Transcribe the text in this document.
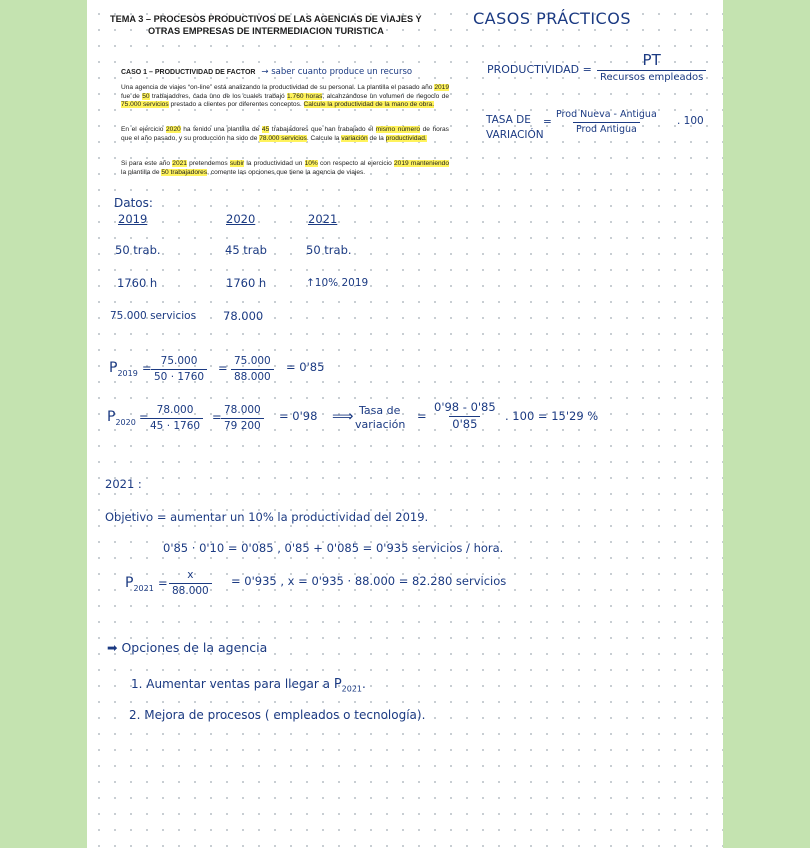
TEMA 3 – PROCESOS PRODUCTIVOS DE LAS AGENCIAS DE VIAJES Y
OTRAS EMPRESAS DE INTERMEDIACION TURISTICA
CASO 1 – PRODUCTIVIDAD DE FACTOR → saber cuanto produce un recurso
Una agencia de viajes “on-line” está analizando la productividad de su personal. La plantilla el pasado año 2019 fue de 50 trabajadores, cada uno de los cuales trabajó 1.760 horas, alcanzándose un volumen de negocio de 75.000 servicios prestado a clientes por diferentes conceptos. Calcule la productividad de la mano de obra.
En el ejercicio 2020 ha tenido una plantilla de 45 trabajadores que han trabajado el mismo número de horas que el año pasado, y su producción ha sido de 78.000 servicios. Calcule la variación de la productividad.
Si para este año 2021 pretendemos subir la productividad un 10% con respecto al ejercicio 2019 manteniendo la plantilla de 50 trabajadores, comente las opciones que tiene la agencia de viajes.
CASOS PRÁCTICOS
PRODUCTIVIDAD =
PT
Recursos empleados
TASA DE
VARIACIÓN
=
Prod Nueva - Antigua
Prod Antigua
. 100
Datos:
2019	2020	2021
50 trab.	45 trab	50 trab.
1760 h	1760 h	↑10% 2019
75.000 servicios 78.000
$P_{2019} = \frac{75.000}{50 \cdot 1760} = \frac{75.000}{88.000} = 0'85$
$P_{2020}$ =
$\frac{78.000}{45 \cdot 1760} = \frac{78.000}{79 200} = 0'98$ ⟹ Tasa de
variación
= $\frac{0'98 - 0'85}{0'85}$ . 100 = 15'29 %
2021 :
Objetivo = aumentar un 10% la productividad del 2019.
0'85 · 0'10 = 0'085 , 0'85 + 0'085 = 0'935 servicios / hora.
$P_{2021} = \frac{x}{88.000} = 0'935$ , x = 0'935 · 88.000 = 82.280 servicios
➡ Opciones de la agencia
1. Aumentar ventas para llegar a $P_{2021}$.
2. Mejora de procesos ( empleados o tecnología).
